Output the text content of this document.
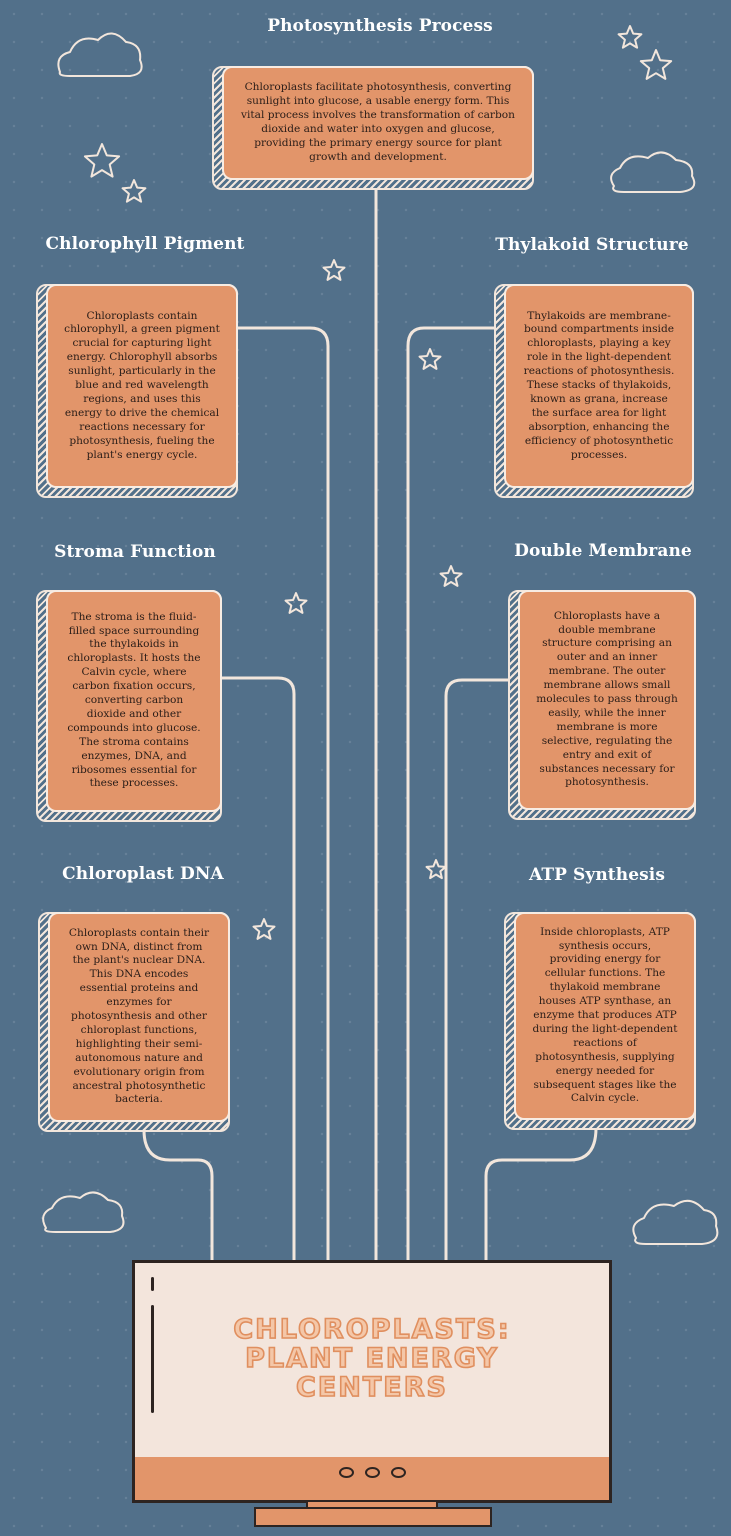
Photosynthesis Process

Chloroplasts facilitate photosynthesis, converting sunlight into glucose, a usable energy form. This vital process involves the transformation of carbon dioxide and water into oxygen and glucose, providing the primary energy source for plant growth and development.

Chlorophyll Pigment

Chloroplasts contain chlorophyll, a green pigment crucial for capturing light energy. Chlorophyll absorbs sunlight, particularly in the blue and red wavelength regions, and uses this energy to drive the chemical reactions necessary for photosynthesis, fueling the plant's energy cycle.

Thylakoid Structure

Thylakoids are membrane-bound compartments inside chloroplasts, playing a key role in the light-dependent reactions of photosynthesis. These stacks of thylakoids, known as grana, increase the surface area for light absorption, enhancing the efficiency of photosynthetic processes.

Stroma Function

The stroma is the fluid-filled space surrounding the thylakoids in chloroplasts. It hosts the Calvin cycle, where carbon fixation occurs, converting carbon dioxide and other compounds into glucose. The stroma contains enzymes, DNA, and ribosomes essential for these processes.

Double Membrane

Chloroplasts have a double membrane structure comprising an outer and an inner membrane. The outer membrane allows small molecules to pass through easily, while the inner membrane is more selective, regulating the entry and exit of substances necessary for photosynthesis.

Chloroplast DNA

Chloroplasts contain their own DNA, distinct from the plant's nuclear DNA. This DNA encodes essential proteins and enzymes for photosynthesis and other chloroplast functions, highlighting their semi-autonomous nature and evolutionary origin from ancestral photosynthetic bacteria.

ATP Synthesis

Inside chloroplasts, ATP synthesis occurs, providing energy for cellular functions. The thylakoid membrane houses ATP synthase, an enzyme that produces ATP during the light-dependent reactions of photosynthesis, supplying energy needed for subsequent stages like the Calvin cycle.

CHLOROPLASTS: PLANT ENERGY CENTERS
